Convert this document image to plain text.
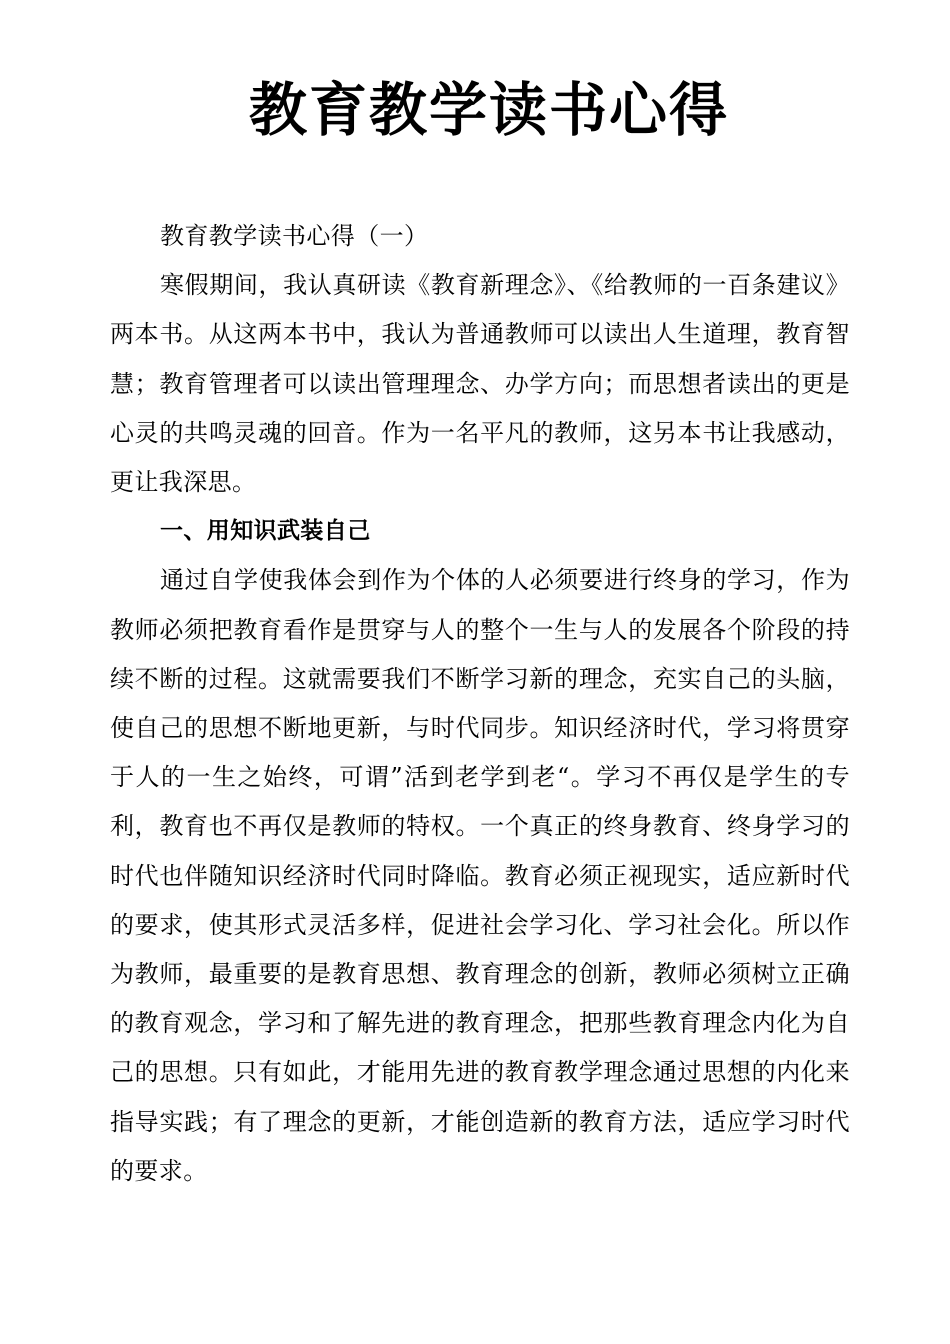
教育教学读书心得

教育教学读书心得（一）

寒假期间，我认真研读《教育新理念》、《给教师的一百条建议》两本书。从这两本书中，我认为普通教师可以读出人生道理，教育智慧；教育管理者可以读出管理理念、办学方向；而思想者读出的更是心灵的共鸣灵魂的回音。作为一名平凡的教师，这另本书让我感动，更让我深思。

一、用知识武装自己

通过自学使我体会到作为个体的人必须要进行终身的学习，作为教师必须把教育看作是贯穿与人的整个一生与人的发展各个阶段的持续不断的过程。这就需要我们不断学习新的理念，充实自己的头脑，使自己的思想不断地更新，与时代同步。知识经济时代，学习将贯穿于人的一生之始终，可谓”活到老学到老“。学习不再仅是学生的专利，教育也不再仅是教师的特权。一个真正的终身教育、终身学习的时代也伴随知识经济时代同时降临。教育必须正视现实，适应新时代的要求，使其形式灵活多样，促进社会学习化、学习社会化。所以作为教师，最重要的是教育思想、教育理念的创新，教师必须树立正确的教育观念，学习和了解先进的教育理念，把那些教育理念内化为自己的思想。只有如此，才能用先进的教育教学理念通过思想的内化来指导实践；有了理念的更新，才能创造新的教育方法，适应学习时代的要求。
